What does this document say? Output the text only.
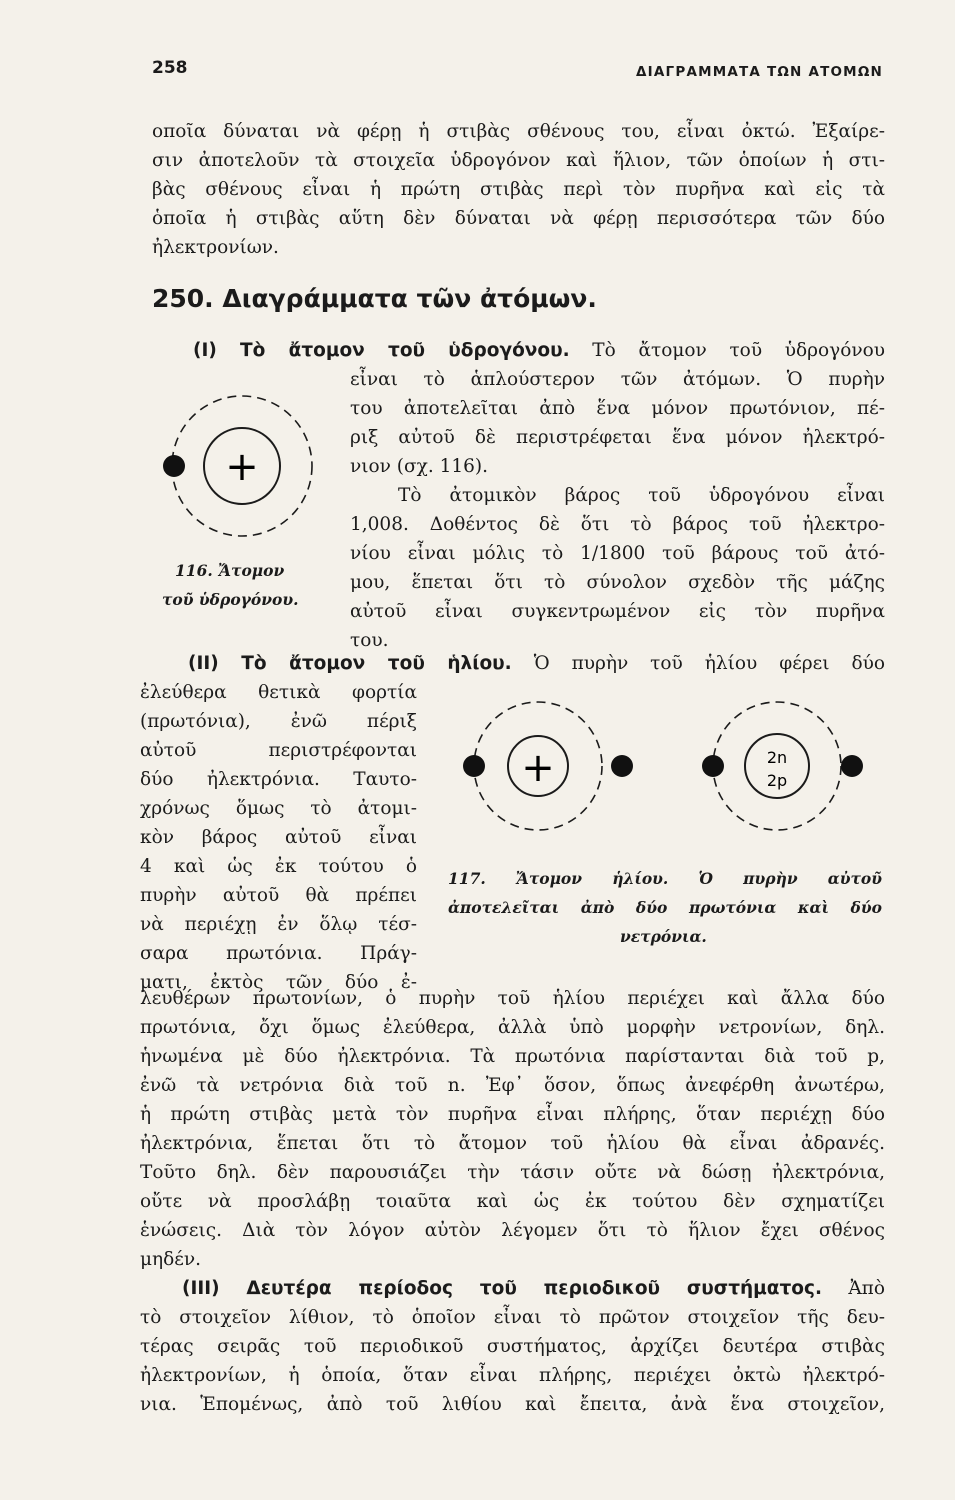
258	ΔΙΑΓΡΑΜΜΑΤΑ ΤΩΝ ΑΤΟΜΩΝ

οποῖα δύναται νὰ φέρῃ ἡ στιβὰς σθένους του, εἶναι ὀκτώ. Ἐξαίρε-

σιν ἀποτελοῦν τὰ στοιχεῖα ὑδρογόνον καὶ ἥλιον, τῶν ὁποίων ἡ στι-

βὰς σθένους εἶναι ἡ πρώτη στιβὰς περὶ τὸν πυρῆνα καὶ εἰς τὰ

ὁποῖα ἡ στιβὰς αὕτη δὲν δύναται νὰ φέρῃ περισσότερα τῶν δύο

ἠλεκτρονίων.

250. Διαγράμματα τῶν ἀτόμων.

(I) Τὸ ἄτομον τοῦ ὑδρογόνου. Τὸ ἄτομον τοῦ ὑδρογόνου

εἶναι τὸ ἁπλούστερον τῶν ἀτόμων. Ὁ πυρὴν

του ἀποτελεῖται ἀπὸ ἕνα μόνον πρωτόνιον, πέ-

ριξ αὐτοῦ δὲ περιστρέφεται ἕνα μόνον ἠλεκτρό-

νιον (σχ. 116).

Τὸ ἀτομικὸν βάρος τοῦ ὑδρογόνου εἶναι

1,008. Δοθέντος δὲ ὅτι τὸ βάρος τοῦ ἠλεκτρο-

νίου εἶναι μόλις τὸ 1/1800 τοῦ βάρους τοῦ ἀτό-

μου, ἕπεται ὅτι τὸ σύνολον σχεδὸν τῆς μάζης

αὐτοῦ εἶναι συγκεντρωμένον εἰς τὸν πυρῆνα

του.

+

116. Ἄτομον

τοῦ ὑδρογόνου.

(II) Τὸ ἄτομον τοῦ ἡλίου. Ὁ πυρὴν τοῦ ἡλίου φέρει δύο

ἐλεύθερα θετικὰ φορτία

(πρωτόνια), ἐνῶ πέριξ

αὐτοῦ περιστρέφονται

δύο ἠλεκτρόνια. Ταυτο-

χρόνως ὅμως τὸ ἀτομι-

κὸν βάρος αὐτοῦ εἶναι

4 καὶ ὡς ἐκ τούτου ὁ

πυρὴν αὐτοῦ θὰ πρέπει

νὰ περιέχῃ ἐν ὅλῳ τέσ-

σαρα πρωτόνια. Πράγ-

ματι, ἐκτὸς τῶν δύο ἐ-

+	2n
2p

117. Ἄτομον ἡλίου. Ὁ πυρὴν αὐτοῦ

ἀποτελεῖται ἀπὸ δύο πρωτόνια καὶ δύο

νετρόνια.

λευθέρων πρωτονίων, ὁ πυρὴν τοῦ ἡλίου περιέχει καὶ ἄλλα δύο

πρωτόνια, ὄχι ὅμως ἐλεύθερα, ἀλλὰ ὑπὸ μορφὴν νετρονίων, δηλ.

ἡνωμένα μὲ δύο ἠλεκτρόνια. Τὰ πρωτόνια παρίστανται διὰ τοῦ p,

ἐνῶ τὰ νετρόνια διὰ τοῦ n. Ἐφ᾽ ὅσον, ὅπως ἀνεφέρθη ἀνωτέρω,

ἡ πρώτη στιβὰς μετὰ τὸν πυρῆνα εἶναι πλήρης, ὅταν περιέχῃ δύο

ἠλεκτρόνια, ἕπεται ὅτι τὸ ἄτομον τοῦ ἡλίου θὰ εἶναι ἀδρανές.

Τοῦτο δηλ. δὲν παρουσιάζει τὴν τάσιν οὔτε νὰ δώσῃ ἠλεκτρόνια,

οὔτε νὰ προσλάβῃ τοιαῦτα καὶ ὡς ἐκ τούτου δὲν σχηματίζει

ἑνώσεις. Διὰ τὸν λόγον αὐτὸν λέγομεν ὅτι τὸ ἥλιον ἔχει σθένος

μηδέν.

(III) Δευτέρα περίοδος τοῦ περιοδικοῦ συστήματος. Ἀπὸ

τὸ στοιχεῖον λίθιον, τὸ ὁποῖον εἶναι τὸ πρῶτον στοιχεῖον τῆς δευ-

τέρας σειρᾶς τοῦ περιοδικοῦ συστήματος, ἀρχίζει δευτέρα στιβὰς

ἠλεκτρονίων, ἡ ὁποία, ὅταν εἶναι πλήρης, περιέχει ὀκτὼ ἠλεκτρό-

νια. Ἑπομένως, ἀπὸ τοῦ λιθίου καὶ ἔπειτα, ἀνὰ ἕνα στοιχεῖον,
